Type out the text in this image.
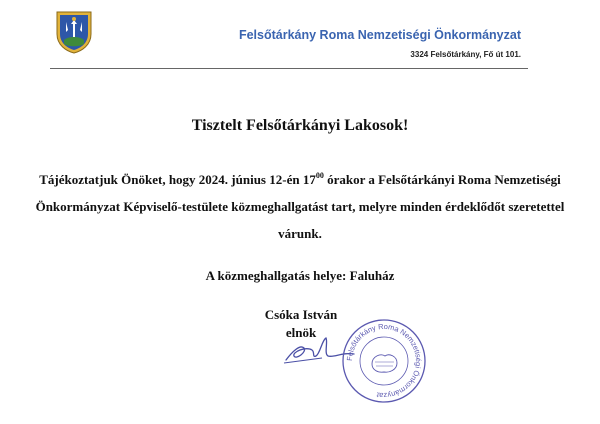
Felsőtárkány Roma Nemzetiségi Önkormányzat
3324 Felsőtárkány, Fő út 101.
Tisztelt Felsőtárkányi Lakosok!
Tájékoztatjuk Önöket, hogy 2024. június 12-én $17^{00}$ órakor a Felsőtárkányi Roma Nemzetiségi Önkormányzat Képviselő-testülete közmeghallgatást tart, melyre minden érdeklődőt szeretettel várunk.
A közmeghallgatás helye: Faluház
Csóka István
elnök
Felsőtárkány Roma Nemzetiségi Önkormányzat
